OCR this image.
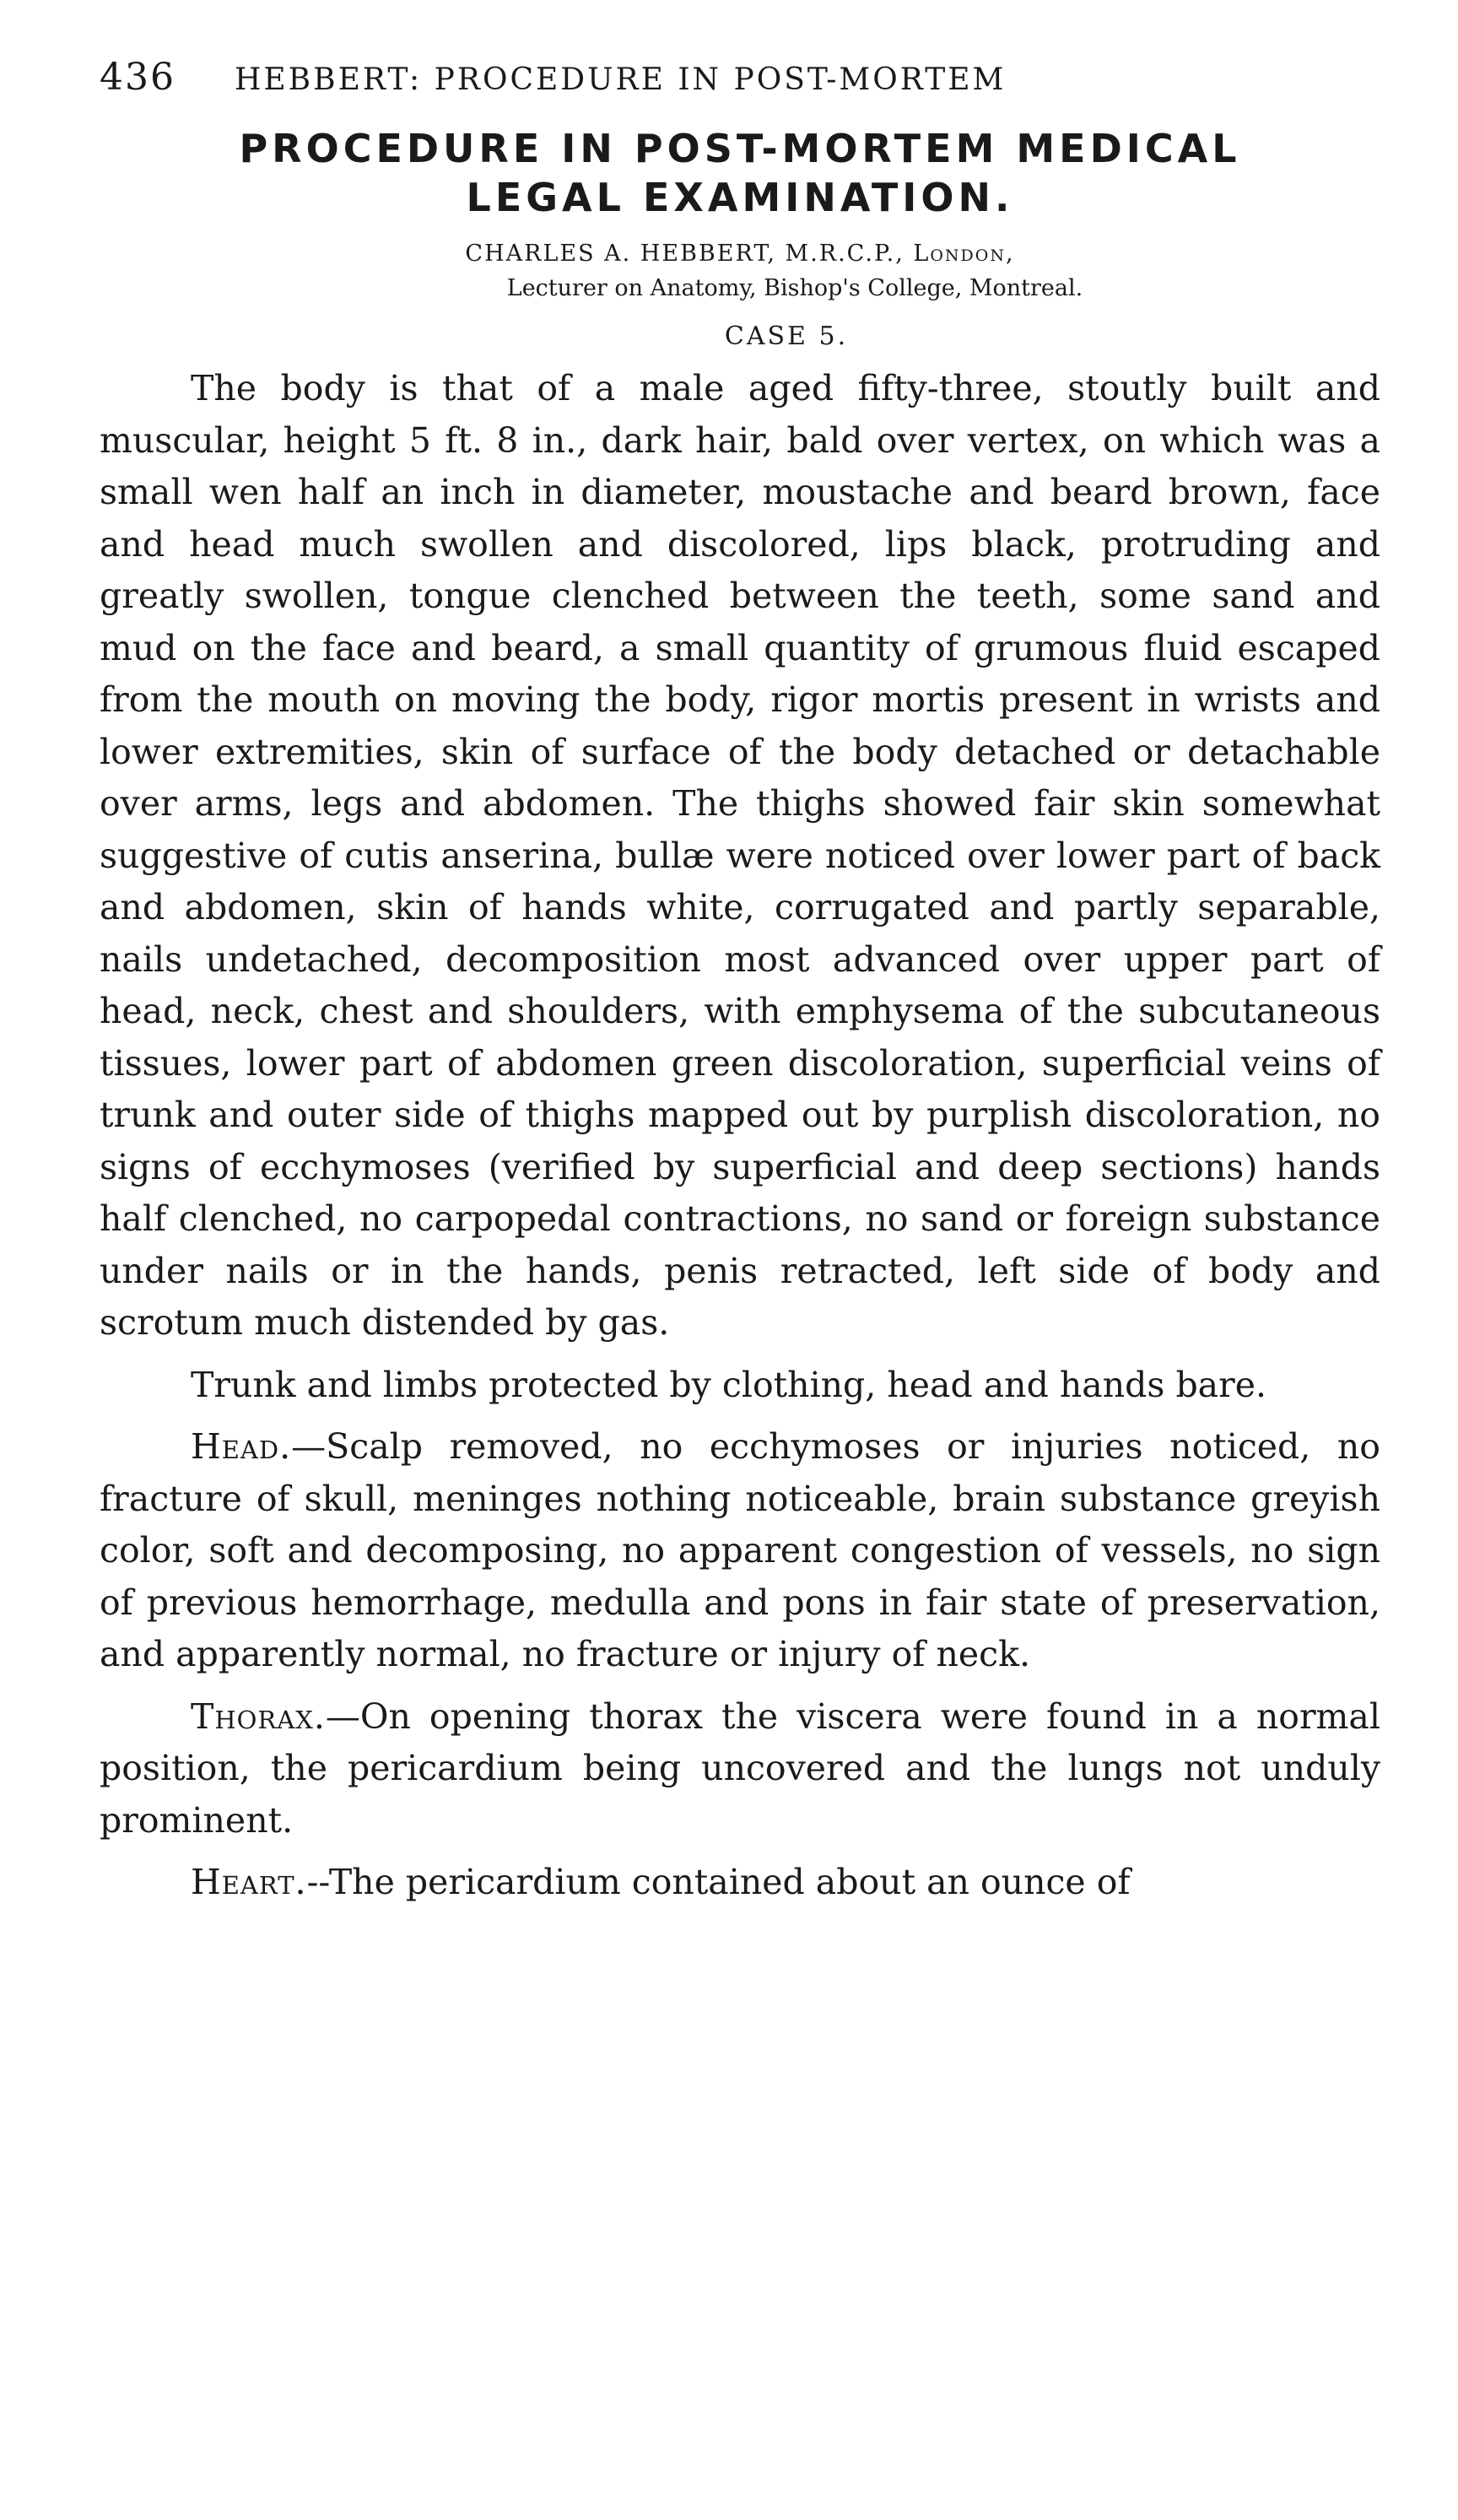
436 HEBBERT: PROCEDURE IN POST-MORTEM
PROCEDURE IN POST-MORTEM MEDICAL
LEGAL EXAMINATION.
CHARLES A. HEBBERT, M.R.C.P., London,
Lecturer on Anatomy, Bishop's College, Montreal.
CASE 5.

The body is that of a male aged fifty-three, stoutly built and muscular, height 5 ft. 8 in., dark hair, bald over vertex, on which was a small wen half an inch in diameter, moustache and beard brown, face and head much swollen and discolored, lips black, protruding and greatly swollen, tongue clenched between the teeth, some sand and mud on the face and beard, a small quantity of grumous fluid escaped from the mouth on moving the body, rigor mortis present in wrists and lower extremities, skin of surface of the body detached or detachable over arms, legs and abdomen. The thighs showed fair skin somewhat suggestive of cutis anserina, bullæ were noticed over lower part of back and abdomen, skin of hands white, corrugated and partly separable, nails undetached, decomposition most advanced over upper part of head, neck, chest and shoulders, with emphysema of the subcutaneous tissues, lower part of abdomen green discoloration, superficial veins of trunk and outer side of thighs mapped out by purplish discoloration, no signs of ecchymoses (verified by superficial and deep sections) hands half clenched, no carpopedal contractions, no sand or foreign substance under nails or in the hands, penis retracted, left side of body and scrotum much distended by gas.

Trunk and limbs protected by clothing, head and hands bare.

Head.—Scalp removed, no ecchymoses or injuries noticed, no fracture of skull, meninges nothing noticeable, brain substance greyish color, soft and decomposing, no apparent congestion of vessels, no sign of previous hemorrhage, medulla and pons in fair state of preservation, and apparently normal, no fracture or injury of neck.

Thorax.—On opening thorax the viscera were found in a normal position, the pericardium being uncovered and the lungs not unduly prominent.

Heart.--The pericardium contained about an ounce of
